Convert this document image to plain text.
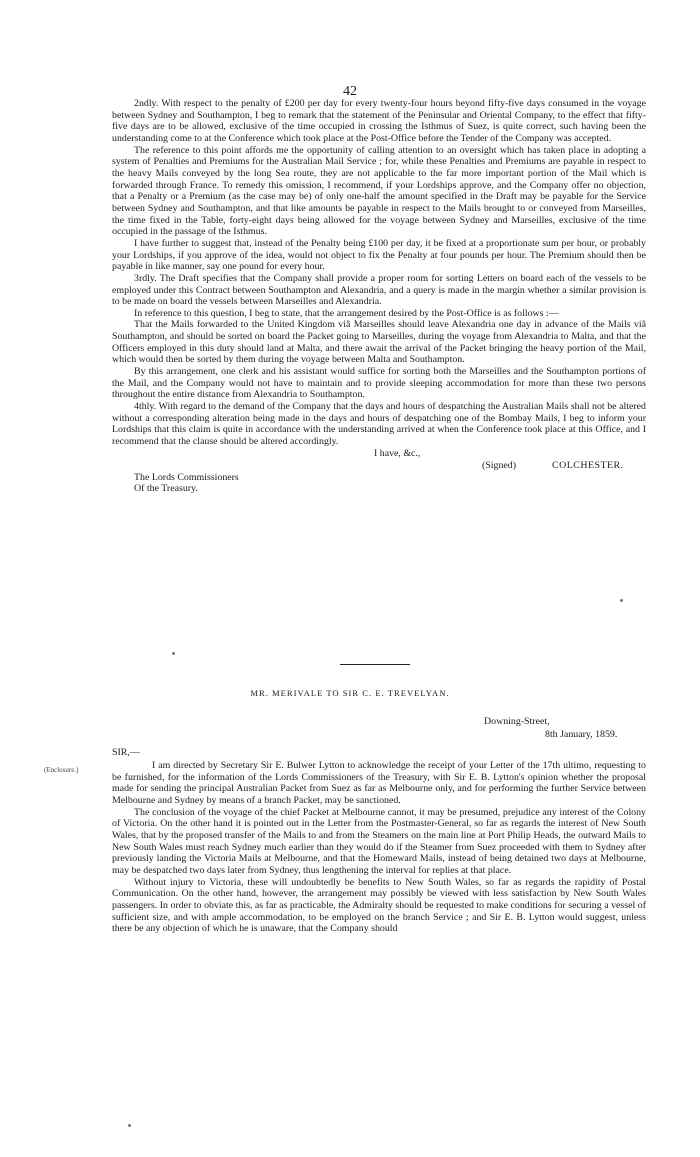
42

2ndly. With respect to the penalty of £200 per day for every twenty-four hours beyond fifty-five days consumed in the voyage between Sydney and Southampton, I beg to remark that the statement of the Peninsular and Oriental Company, to the effect that fifty-five days are to be allowed, exclusive of the time occupied in crossing the Isthmus of Suez, is quite correct, such having been the understanding come to at the Conference which took place at the Post-Office before the Tender of the Company was accepted.

The reference to this point affords me the opportunity of calling attention to an oversight which has taken place in adopting a system of Penalties and Premiums for the Australian Mail Service ; for, while these Penalties and Premiums are payable in respect to the heavy Mails conveyed by the long Sea route, they are not applicable to the far more important portion of the Mail which is forwarded through France. To remedy this omission, I recommend, if your Lordships approve, and the Company offer no objection, that a Penalty or a Premium (as the case may be) of only one-half the amount specified in the Draft may be payable for the Service between Sydney and Southampton, and that like amounts be payable in respect to the Mails brought to or conveyed from Marseilles, the time fixed in the Table, forty-eight days being allowed for the voyage between Sydney and Marseilles, exclusive of the time occupied in the passage of the Isthmus.

I have further to suggest that, instead of the Penalty being £100 per day, it be fixed at a proportionate sum per hour, or probably your Lordships, if you approve of the idea, would not object to fix the Penalty at four pounds per hour. The Premium should then be payable in like manner, say one pound for every hour.

3rdly. The Draft specifies that the Company shall provide a proper room for sorting Letters on board each of the vessels to be employed under this Contract between Southampton and Alexandria, and a query is made in the margin whether a similar provision is to be made on board the vessels between Marseilles and Alexandria.

In reference to this question, I beg to state, that the arrangement desired by the Post-Office is as follows :—

That the Mails forwarded to the United Kingdom viâ Marseilles should leave Alexandria one day in advance of the Mails viâ Southampton, and should be sorted on board the Packet going to Marseilles, during the voyage from Alexandria to Malta, and that the Officers employed in this duty should land at Malta, and there await the arrival of the Packet bringing the heavy portion of the Mail, which would then be sorted by them during the voyage between Malta and Southampton.

By this arrangement, one clerk and his assistant would suffice for sorting both the Marseilles and the Southampton portions of the Mail, and the Company would not have to maintain and to provide sleeping accommodation for more than these two persons throughout the entire distance from Alexandria to Southampton.

4thly. With regard to the demand of the Company that the days and hours of despatching the Australian Mails shall not be altered without a corresponding alteration being made in the days and hours of despatching one of the Bombay Mails, I beg to inform your Lordships that this claim is quite in accordance with the understanding arrived at when the Conference took place at this Office, and I recommend that the clause should be altered accordingly.

I have, &c.,
(Signed)	COLCHESTER.

The Lords Commissioners

Of the Treasury.

MR. MERIVALE TO SIR C. E. TREVELYAN.
Downing-Street,
8th January, 1859.
SIR,—
(Enclosure.)	I am directed by Secretary Sir E. Bulwer Lytton to acknowledge the receipt of your Letter of the 17th ultimo, requesting to be furnished, for the information of the Lords Commissioners of the Treasury, with Sir E. B. Lytton's opinion whether the proposal made for sending the principal Australian Packet from Suez as far as Melbourne only, and for performing the further Service between Melbourne and Sydney by means of a branch Packet, may be sanctioned.

The conclusion of the voyage of the chief Packet at Melbourne cannot, it may be presumed, prejudice any interest of the Colony of Victoria. On the other hand it is pointed out in the Letter from the Postmaster-General, so far as regards the interest of New South Wales, that by the proposed transfer of the Mails to and from the Steamers on the main line at Port Philip Heads, the outward Mails to New South Wales must reach Sydney much earlier than they would do if the Steamer from Suez proceeded with them to Sydney after previously landing the Victoria Mails at Melbourne, and that the Homeward Mails, instead of being detained two days at Melbourne, may be despatched two days later from Sydney, thus lengthening the interval for replies at that place.

Without injury to Victoria, these will undoubtedly be benefits to New South Wales, so far as regards the rapidity of Postal Communication. On the other hand, however, the arrangement may possibly be viewed with less satisfaction by New South Wales passengers. In order to obviate this, as far as practicable, the Admiralty should be requested to make conditions for securing a vessel of sufficient size, and with ample accommodation, to be employed on the branch Service ; and Sir E. B. Lytton would suggest, unless there be any objection of which he is unaware, that the Company should
